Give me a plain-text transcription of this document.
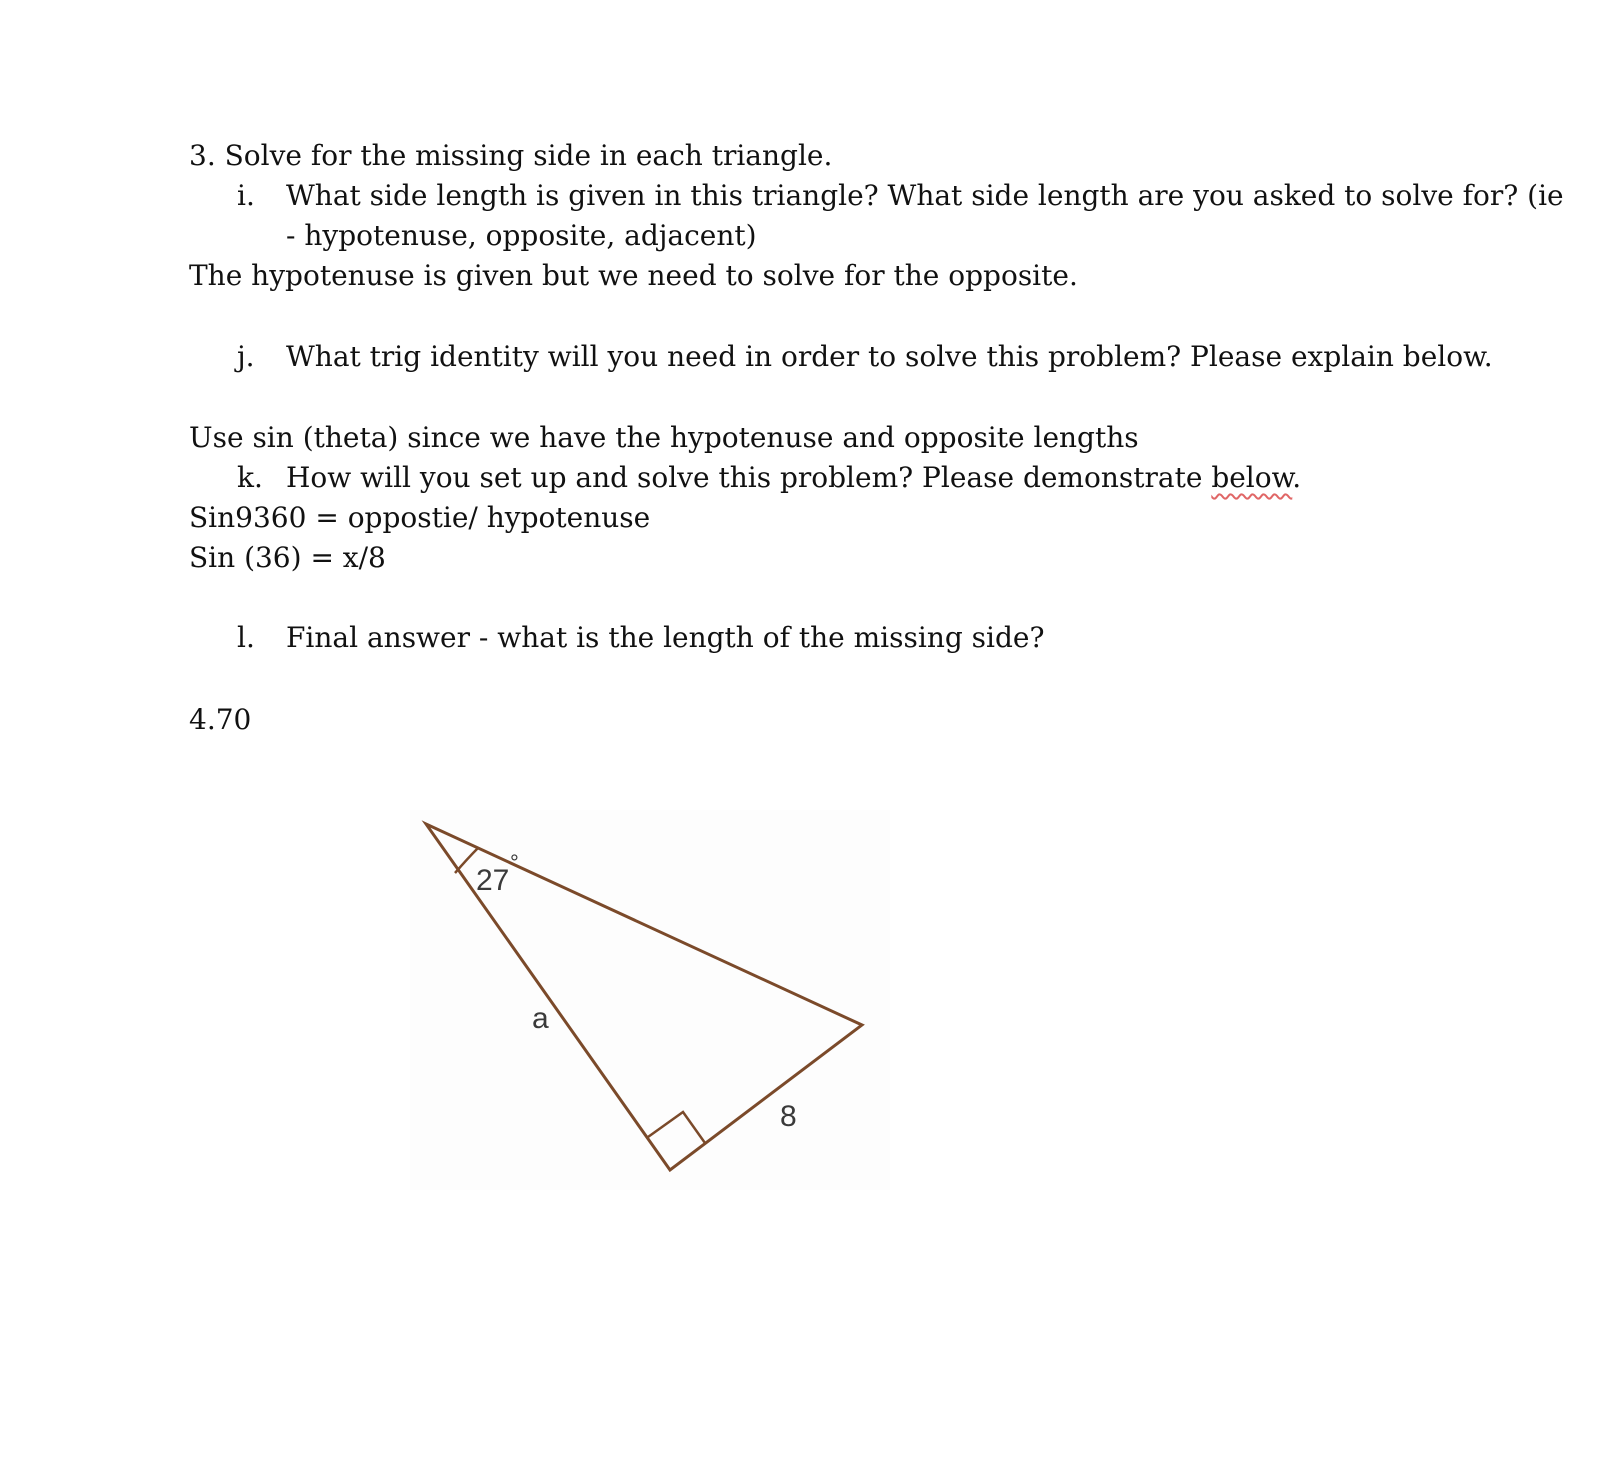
3. Solve for the missing side in each triangle.

i. What side length is given in this triangle? What side length are you asked to solve for? (ie

- hypotenuse, opposite, adjacent)

The hypotenuse is given but we need to solve for the opposite.

j. What trig identity will you need in order to solve this problem? Please explain below.

Use sin (theta) since we have the hypotenuse and opposite lengths

k. How will you set up and solve this problem? Please demonstrate below.

Sin9360 = oppostie/ hypotenuse

Sin (36) = x/8

l. Final answer - what is the length of the missing side?

4.70

27
°
a
8
